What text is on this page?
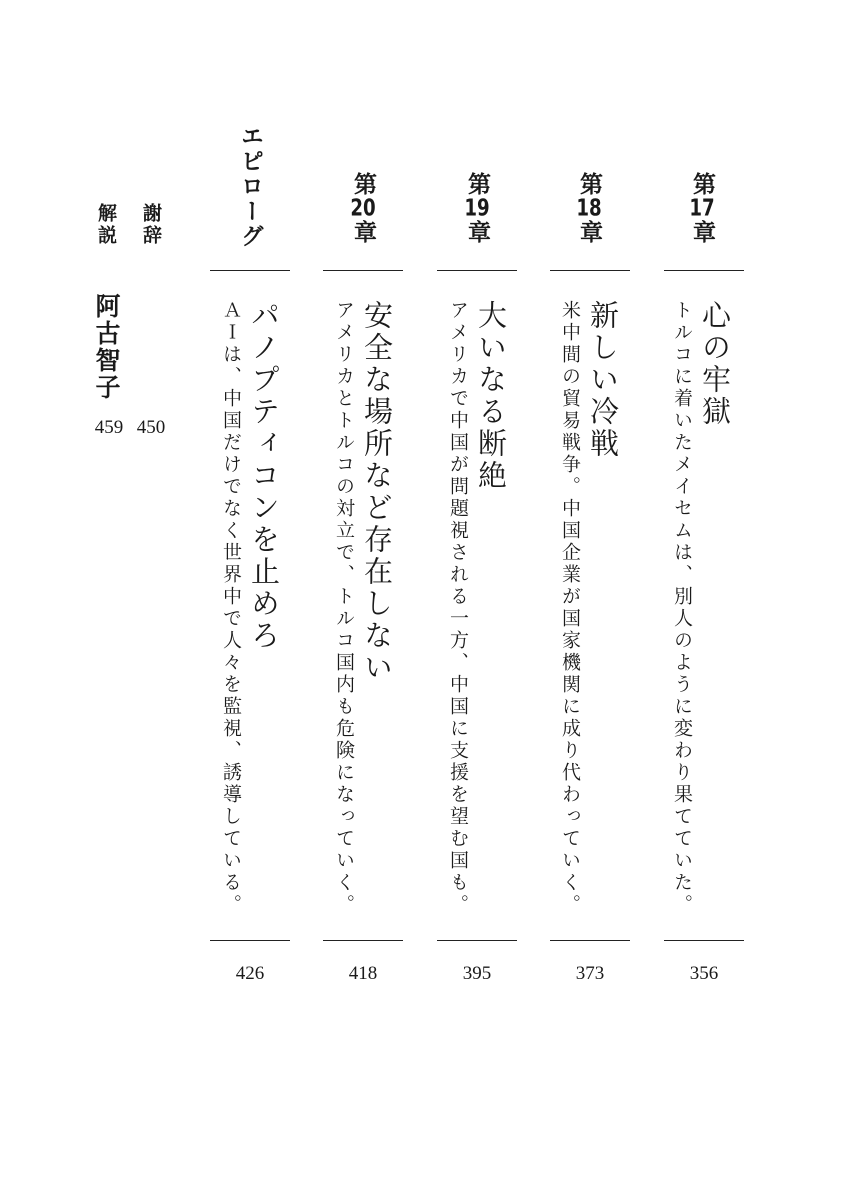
第17章
心の牢獄
トルコに着いたメイセムは、別人のように変わり果てていた。
356
第18章
新しい冷戦
米中間の貿易戦争。中国企業が国家機関に成り代わっていく。
373
第19章
大いなる断絶
アメリカで中国が問題視される一方、中国に支援を望む国も。
395
第20章
安全な場所など存在しない
アメリカとトルコの対立で、トルコ国内も危険になっていく。
418
エピローグ
パノプティコンを止めろ
ＡＩは、中国だけでなく世界中で人々を監視、誘導している。
426
謝辞
450
解説
阿古智子
459
